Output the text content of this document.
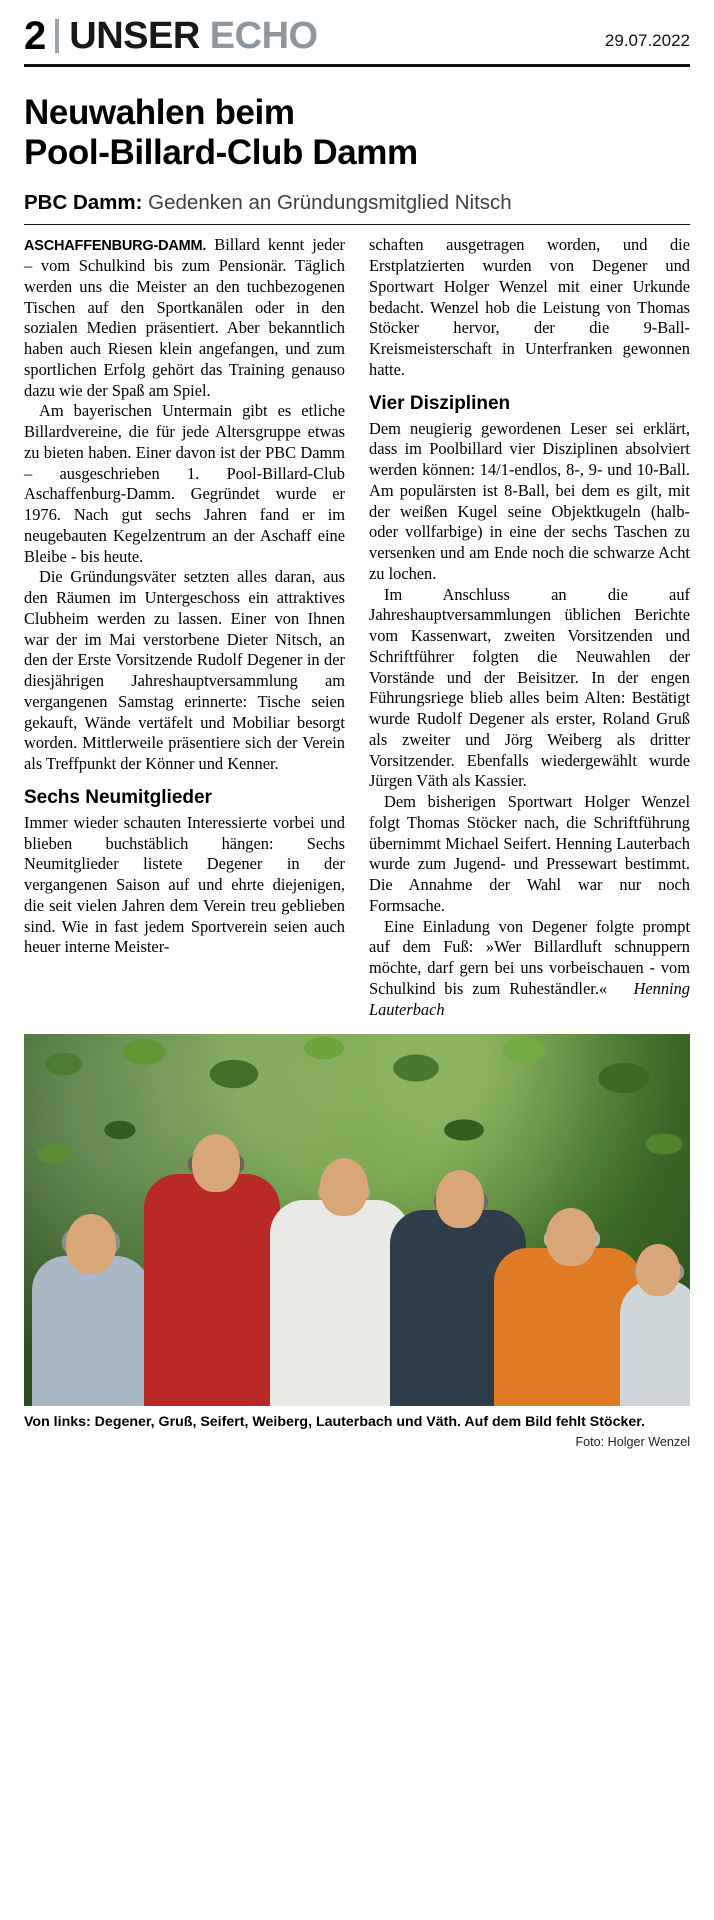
2 UNSER ECHO	29.07.2022
Neuwahlen beim
Pool-Billard-Club Damm
PBC Damm: Gedenken an Gründungsmitglied Nitsch

ASCHAFFENBURG-DAMM. Billard kennt jeder – vom Schulkind bis zum Pensionär. Täglich werden uns die Meister an den tuchbezogenen Tischen auf den Sportkanälen oder in den sozialen Medien präsentiert. Aber bekanntlich haben auch Riesen klein angefangen, und zum sportlichen Erfolg gehört das Training genauso dazu wie der Spaß am Spiel.

Am bayerischen Untermain gibt es etliche Billardvereine, die für jede Altersgruppe etwas zu bieten haben. Einer davon ist der PBC Damm – ausgeschrieben 1. Pool-Billard-Club Aschaffenburg-Damm. Gegründet wurde er 1976. Nach gut sechs Jahren fand er im neugebauten Kegelzentrum an der Aschaff eine Bleibe - bis heute.

Die Gründungsväter setzten alles daran, aus den Räumen im Untergeschoss ein attraktives Clubheim werden zu lassen. Einer von Ihnen war der im Mai verstorbene Dieter Nitsch, an den der Erste Vorsitzende Rudolf Degener in der diesjährigen Jahreshauptversammlung am vergangenen Samstag erinnerte: Tische seien gekauft, Wände vertäfelt und Mobiliar besorgt worden. Mittlerweile präsentiere sich der Verein als Treffpunkt der Könner und Kenner.

Sechs Neumitglieder

Immer wieder schauten Interessierte vorbei und blieben buchstäblich hängen: Sechs Neumitglieder listete Degener in der vergangenen Saison auf und ehrte diejenigen, die seit vielen Jahren dem Verein treu geblieben sind. Wie in fast jedem Sportverein seien auch heuer interne Meister-

schaften ausgetragen worden, und die Erstplatzierten wurden von Degener und Sportwart Holger Wenzel mit einer Urkunde bedacht. Wenzel hob die Leistung von Thomas Stöcker hervor, der die 9-Ball-Kreismeisterschaft in Unterfranken gewonnen hatte.

Vier Disziplinen

Dem neugierig gewordenen Leser sei erklärt, dass im Poolbillard vier Disziplinen absolviert werden können: 14/1-endlos, 8-, 9- und 10-Ball. Am populärsten ist 8-Ball, bei dem es gilt, mit der weißen Kugel seine Objektkugeln (halb- oder vollfarbige) in eine der sechs Taschen zu versenken und am Ende noch die schwarze Acht zu lochen.

Im Anschluss an die auf Jahreshauptversammlungen üblichen Berichte vom Kassenwart, zweiten Vorsitzenden und Schriftführer folgten die Neuwahlen der Vorstände und der Beisitzer. In der engen Führungsriege blieb alles beim Alten: Bestätigt wurde Rudolf Degener als erster, Roland Gruß als zweiter und Jörg Weiberg als dritter Vorsitzender. Ebenfalls wiedergewählt wurde Jürgen Väth als Kassier.

Dem bisherigen Sportwart Holger Wenzel folgt Thomas Stöcker nach, die Schriftführung übernimmt Michael Seifert. Henning Lauterbach wurde zum Jugend- und Pressewart bestimmt. Die Annahme der Wahl war nur noch Formsache.

Eine Einladung von Degener folgte prompt auf dem Fuß: »Wer Billardluft schnuppern möchte, darf gern bei uns vorbeischauen - vom Schulkind bis zum Ruheständler.« Henning Lauterbach

Von links: Degener, Gruß, Seifert, Weiberg, Lauterbach und Väth. Auf dem Bild fehlt Stöcker.
Foto: Holger Wenzel
